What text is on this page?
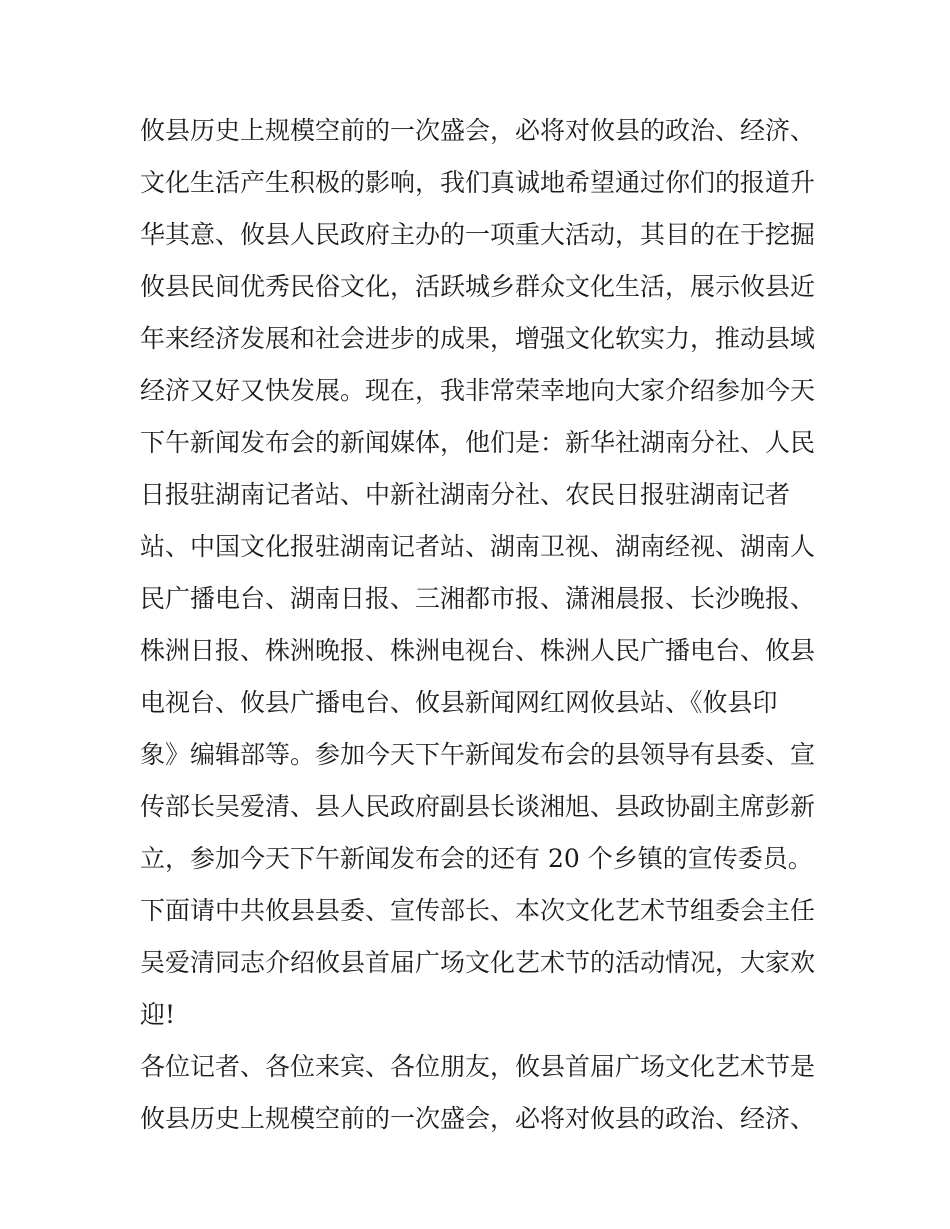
攸县历史上规模空前的一次盛会，必将对攸县的政治、经济、
文化生活产生积极的影响，我们真诚地希望通过你们的报道升
华其意、攸县人民政府主办的一项重大活动，其目的在于挖掘
攸县民间优秀民俗文化，活跃城乡群众文化生活，展示攸县近
年来经济发展和社会进步的成果，增强文化软实力，推动县域
经济又好又快发展。现在，我非常荣幸地向大家介绍参加今天
下午新闻发布会的新闻媒体，他们是：新华社湖南分社、人民
日报驻湖南记者站、中新社湖南分社、农民日报驻湖南记者
站、中国文化报驻湖南记者站、湖南卫视、湖南经视、湖南人
民广播电台、湖南日报、三湘都市报、潇湘晨报、长沙晚报、
株洲日报、株洲晚报、株洲电视台、株洲人民广播电台、攸县
电视台、攸县广播电台、攸县新闻网红网攸县站、《攸县印
象》编辑部等。参加今天下午新闻发布会的县领导有县委、宣
传部长吴爱清、县人民政府副县长谈湘旭、县政协副主席彭新
立，参加今天下午新闻发布会的还有 20 个乡镇的宣传委员。
下面请中共攸县县委、宣传部长、本次文化艺术节组委会主任
吴爱清同志介绍攸县首届广场文化艺术节的活动情况，大家欢
迎!
各位记者、各位来宾、各位朋友，攸县首届广场文化艺术节是
攸县历史上规模空前的一次盛会，必将对攸县的政治、经济、
